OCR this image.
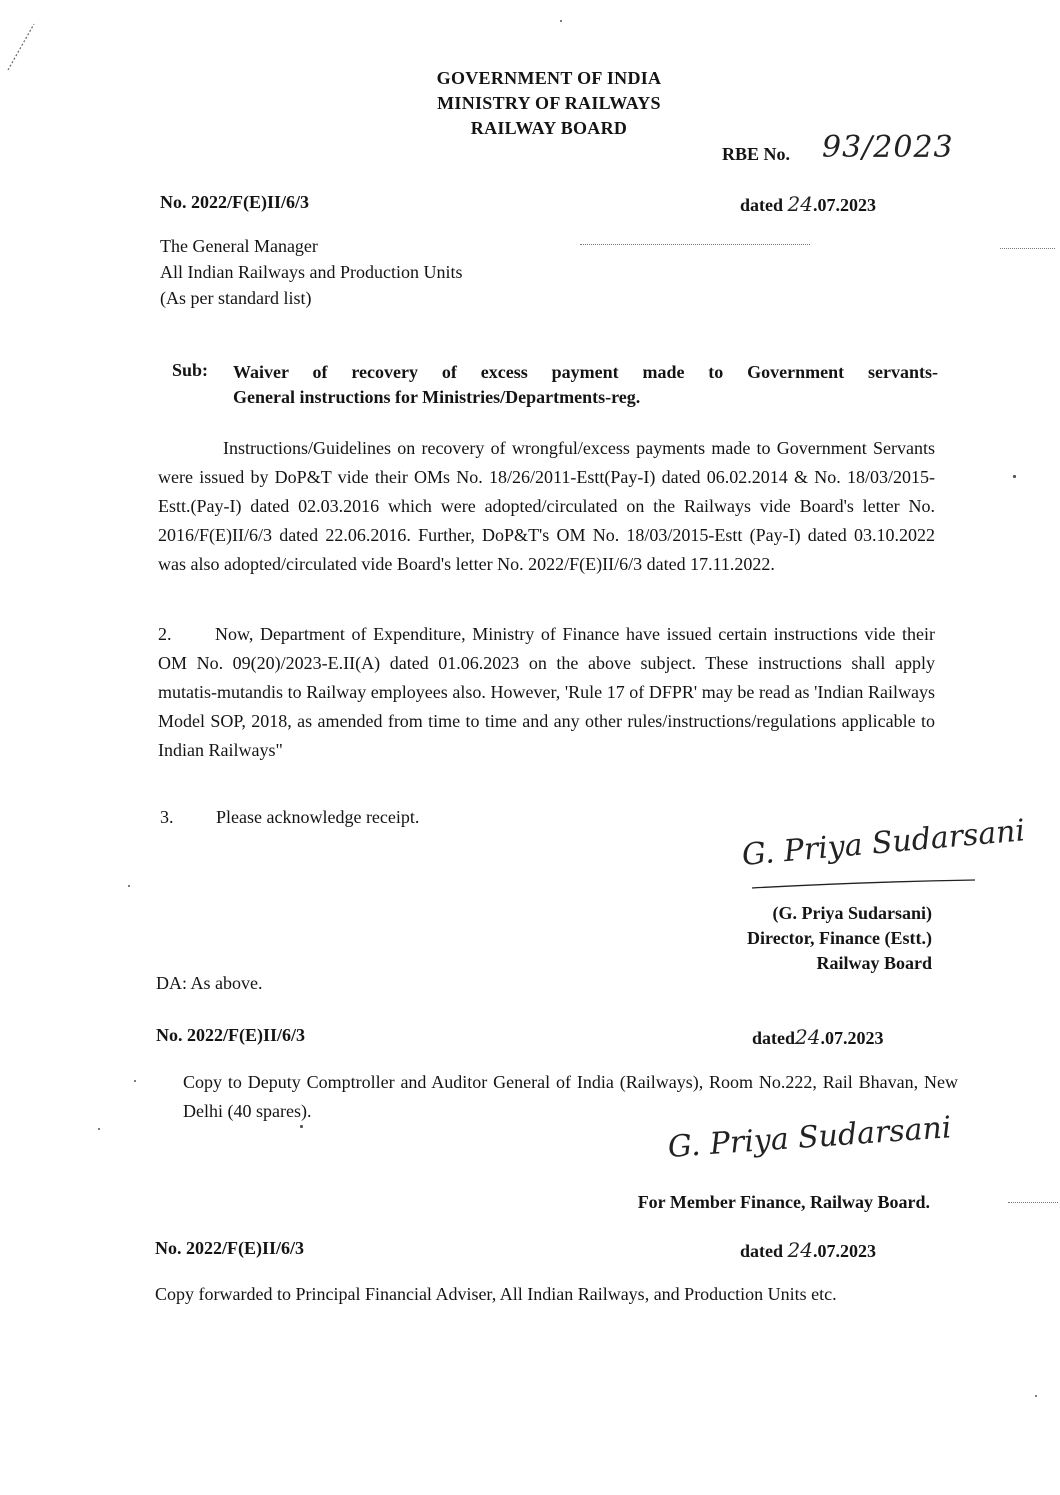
GOVERNMENT OF INDIA
MINISTRY OF RAILWAYS
RAILWAY BOARD
RBE No. 93/2023
No. 2022/F(E)II/6/3	dated 24.07.2023
The General Manager
All Indian Railways and Production Units
(As per standard list)
Sub: Waiver of recovery of excess payment made to Government servants-
General instructions for Ministries/Departments-reg.
Instructions/Guidelines on recovery of wrongful/excess payments made to Government Servants were issued by DoP&T vide their OMs No. 18/26/2011-Estt(Pay-I) dated 06.02.2014 & No. 18/03/2015-Estt.(Pay-I) dated 02.03.2016 which were adopted/circulated on the Railways vide Board's letter No. 2016/F(E)II/6/3 dated 22.06.2016. Further, DoP&T's OM No. 18/03/2015-Estt (Pay-I) dated 03.10.2022 was also adopted/circulated vide Board's letter No. 2022/F(E)II/6/3 dated 17.11.2022.
2.	Now, Department of Expenditure, Ministry of Finance have issued certain instructions vide their OM No. 09(20)/2023-E.II(A) dated 01.06.2023 on the above subject. These instructions shall apply mutatis-mutandis to Railway employees also. However, 'Rule 17 of DFPR' may be read as 'Indian Railways Model SOP, 2018, as amended from time to time and any other rules/instructions/regulations applicable to Indian Railways"
3. Please acknowledge receipt.	G. Priya Sudarsani
(G. Priya Sudarsani)
Director, Finance (Estt.)
Railway Board
DA: As above.
No. 2022/F(E)II/6/3	dated24.07.2023
Copy to Deputy Comptroller and Auditor General of India (Railways), Room No.222, Rail Bhavan, New Delhi (40 spares).	G. Priya Sudarsani
For Member Finance, Railway Board.
No. 2022/F(E)II/6/3	dated 24.07.2023
Copy forwarded to Principal Financial Adviser, All Indian Railways, and Production Units etc.
